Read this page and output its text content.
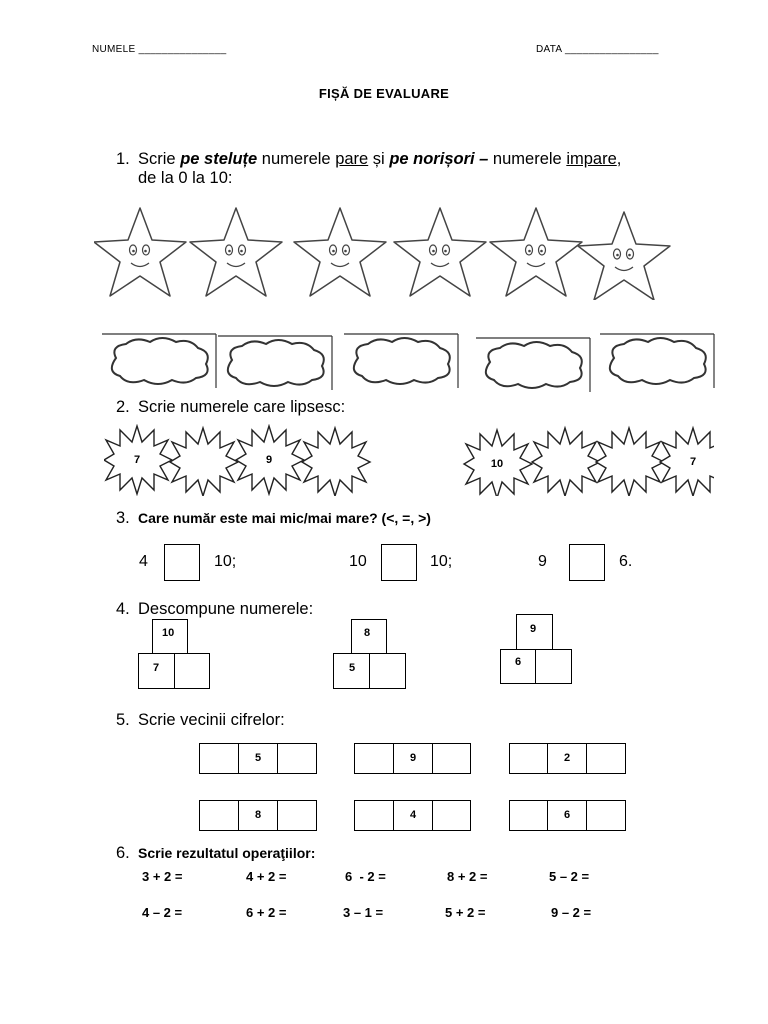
NUMELE _______________	DATA ________________
FIȘĂ DE EVALUARE
1. Scrie pe steluțe numerele pare și pe norișori – numerele impare,
de la 0 la 10:
2. Scrie numerele care lipsesc:
7	9	10	7
3. Care număr este mai mic/mai mare? (<, =, >)
4	10;	10	10;	9	6.
4. Descompune numerele:
10
7
8
5
9
6
5. Scrie vecinii cifrelor:
5	9	2
8	4	6
6. Scrie rezultatul operaţiilor:
3 + 2 =	4 + 2 =	6  - 2 =	8 + 2 =	5 – 2 =
4 – 2 =	6 + 2 =	3 – 1 =	5 + 2 =	9 – 2 =
